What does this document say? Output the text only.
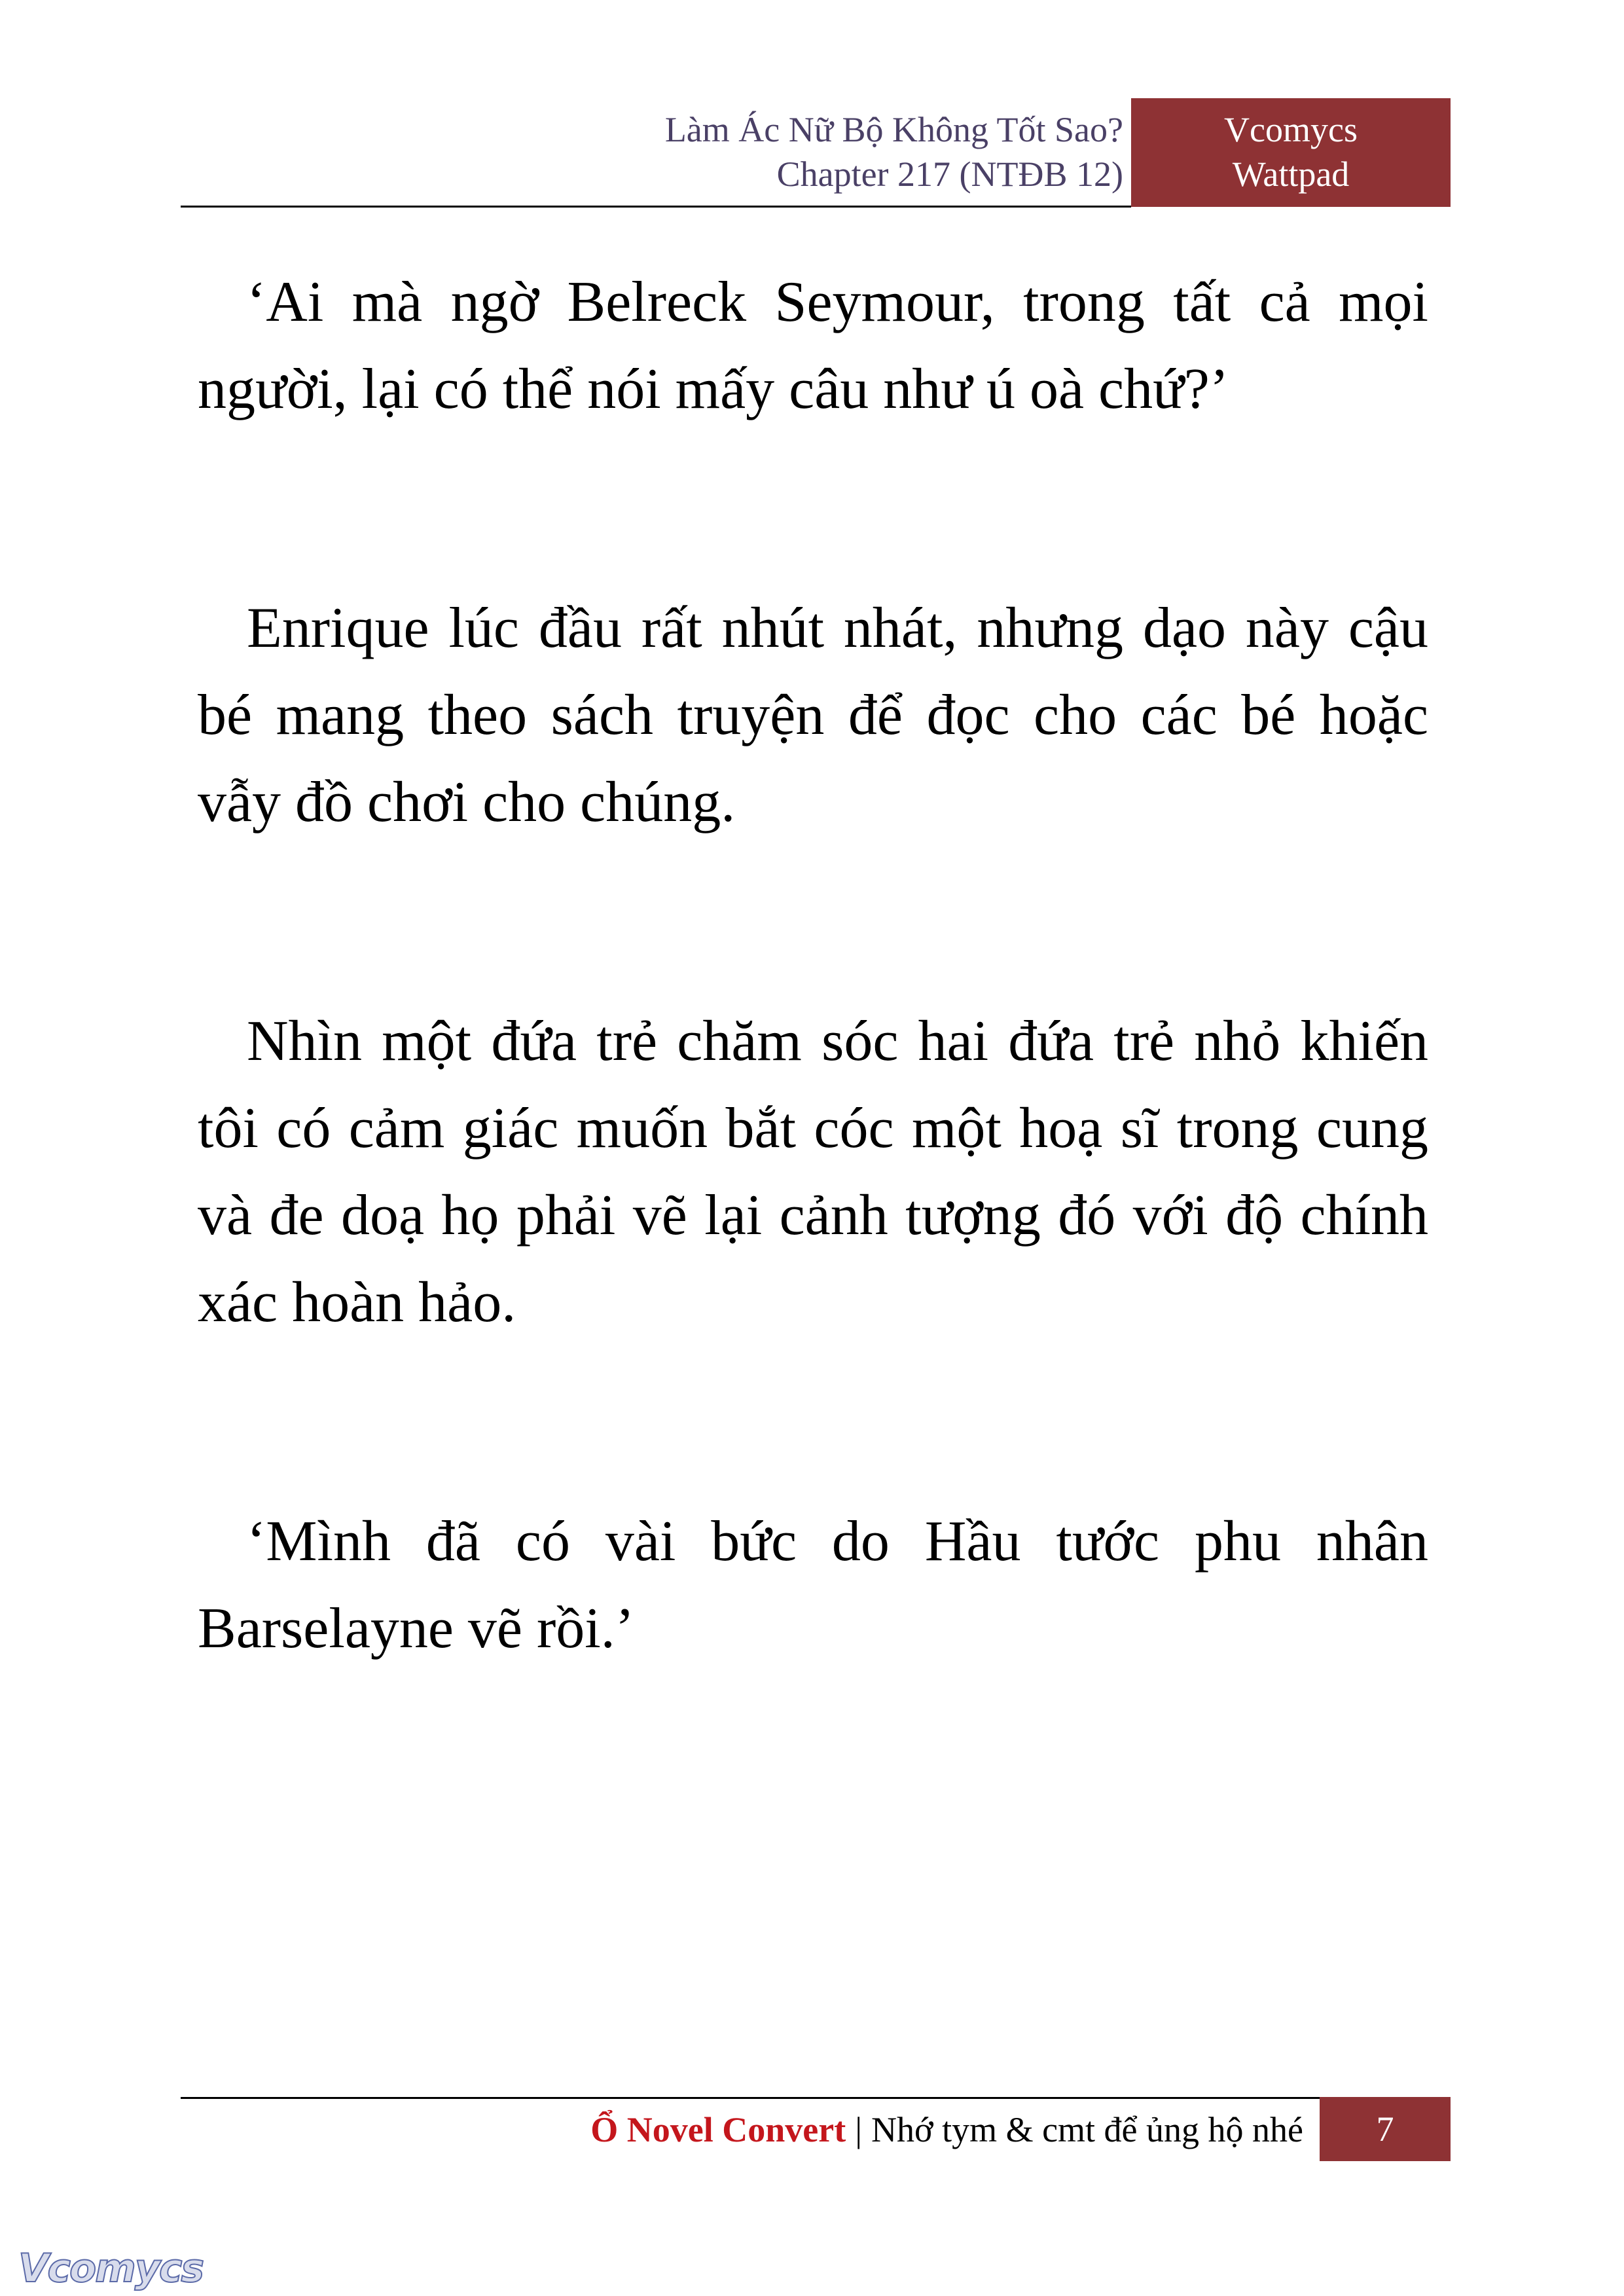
Làm Ác Nữ Bộ Không Tốt Sao?
Chapter 217 (NTĐB 12)
Vcomycs
Wattpad

‘Ai mà ngờ Belreck Seymour, trong tất cả mọi người, lại có thể nói mấy câu như ú oà chứ?’

Enrique lúc đầu rất nhút nhát, nhưng dạo này cậu bé mang theo sách truyện để đọc cho các bé hoặc vẫy đồ chơi cho chúng.

Nhìn một đứa trẻ chăm sóc hai đứa trẻ nhỏ khiến tôi có cảm giác muốn bắt cóc một hoạ sĩ trong cung và đe doạ họ phải vẽ lại cảnh tượng đó với độ chính xác hoàn hảo.

‘Mình đã có vài bức do Hầu tước phu nhân Barselayne vẽ rồi.’

Ổ Novel Convert | Nhớ tym & cmt để ủng hộ nhé	7
Vcomycs
